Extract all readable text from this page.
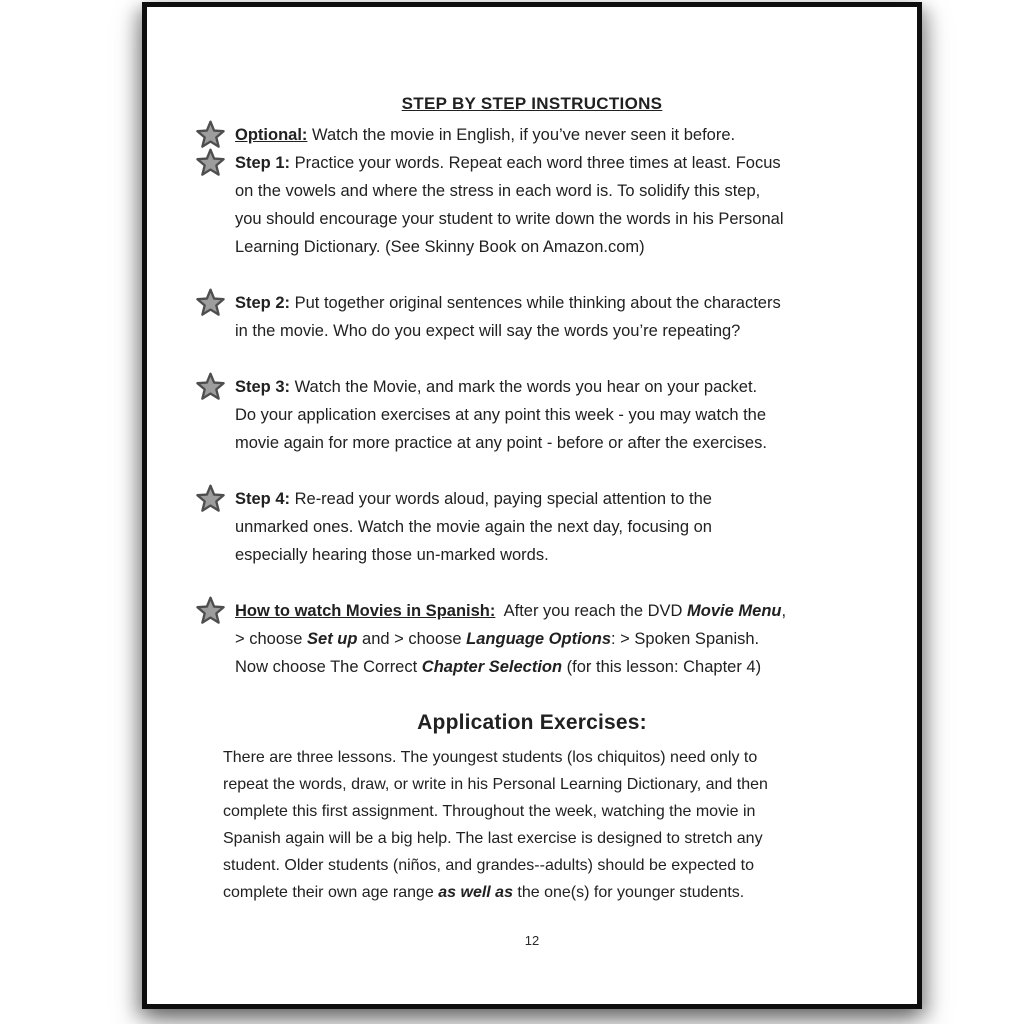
STEP BY STEP INSTRUCTIONS
Optional: Watch the movie in English, if you’ve never seen it before.
Step 1: Practice your words. Repeat each word three times at least. Focus
on the vowels and where the stress in each word is. To solidify this step,
you should encourage your student to write down the words in his Personal
Learning Dictionary. (See Skinny Book on Amazon.com)
Step 2: Put together original sentences while thinking about the characters
in the movie. Who do you expect will say the words you’re repeating?
Step 3: Watch the Movie, and mark the words you hear on your packet.
Do your application exercises at any point this week - you may watch the
movie again for more practice at any point - before or after the exercises.
Step 4: Re-read your words aloud, paying special attention to the
unmarked ones. Watch the movie again the next day, focusing on
especially hearing those un-marked words.
How to watch Movies in Spanish:  After you reach the DVD Movie Menu,
> choose Set up and > choose Language Options: > Spoken Spanish.
Now choose The Correct Chapter Selection (for this lesson: Chapter 4)
Application Exercises:
There are three lessons. The youngest students (los chiquitos) need only to
repeat the words, draw, or write in his Personal Learning Dictionary, and then
complete this first assignment. Throughout the week, watching the movie in
Spanish again will be a big help. The last exercise is designed to stretch any
student. Older students (niños, and grandes--adults) should be expected to
complete their own age range as well as the one(s) for younger students.
12
